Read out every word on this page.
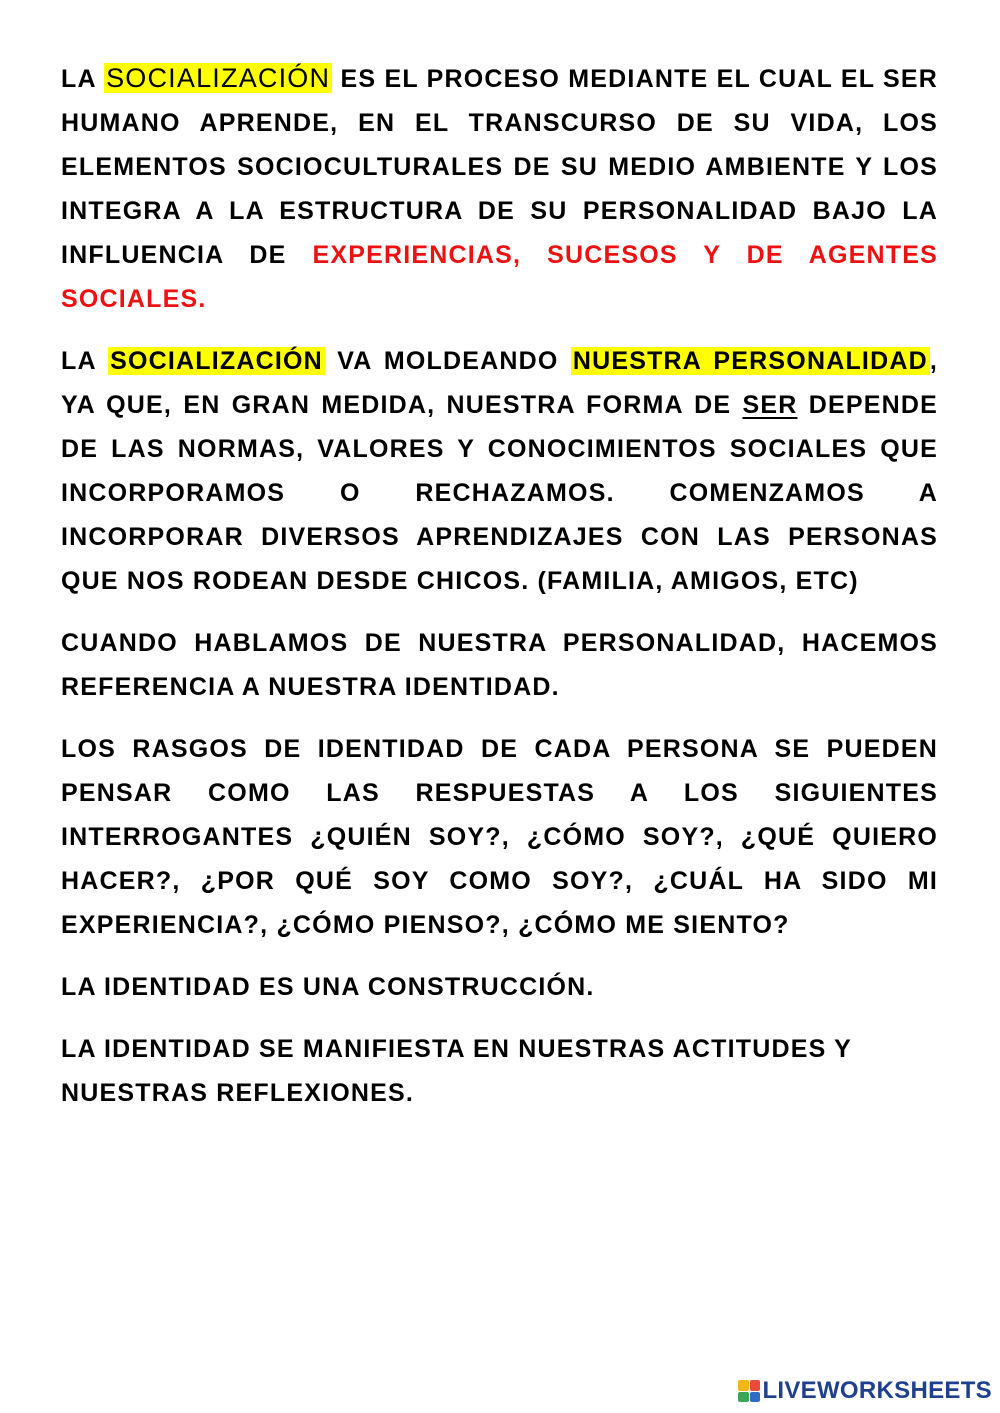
LA SOCIALIZACIÓN ES EL PROCESO MEDIANTE EL CUAL EL SER HUMANO APRENDE, EN EL TRANSCURSO DE SU VIDA, LOS ELEMENTOS SOCIOCULTURALES DE SU MEDIO AMBIENTE Y LOS INTEGRA A LA ESTRUCTURA DE SU PERSONALIDAD BAJO LA INFLUENCIA DE EXPERIENCIAS, SUCESOS Y DE AGENTES SOCIALES.

LA SOCIALIZACIÓN VA MOLDEANDO NUESTRA PERSONALIDAD, YA QUE, EN GRAN MEDIDA, NUESTRA FORMA DE SER DEPENDE DE LAS NORMAS, VALORES Y CONOCIMIENTOS SOCIALES QUE INCORPORAMOS O RECHAZAMOS. COMENZAMOS A INCORPORAR DIVERSOS APRENDIZAJES CON LAS PERSONAS QUE NOS RODEAN DESDE CHICOS. (FAMILIA, AMIGOS, ETC)

CUANDO HABLAMOS DE NUESTRA PERSONALIDAD, HACEMOS REFERENCIA A NUESTRA IDENTIDAD.

LOS RASGOS DE IDENTIDAD DE CADA PERSONA SE PUEDEN PENSAR COMO LAS RESPUESTAS A LOS SIGUIENTES INTERROGANTES ¿QUIÉN SOY?, ¿CÓMO SOY?, ¿QUÉ QUIERO HACER?, ¿POR QUÉ SOY COMO SOY?, ¿CUÁL HA SIDO MI EXPERIENCIA?, ¿CÓMO PIENSO?, ¿CÓMO ME SIENTO?

LA IDENTIDAD ES UNA CONSTRUCCIÓN.

LA IDENTIDAD SE MANIFIESTA EN NUESTRAS ACTITUDES Y NUESTRAS REFLEXIONES.

LIVEWORKSHEETS
